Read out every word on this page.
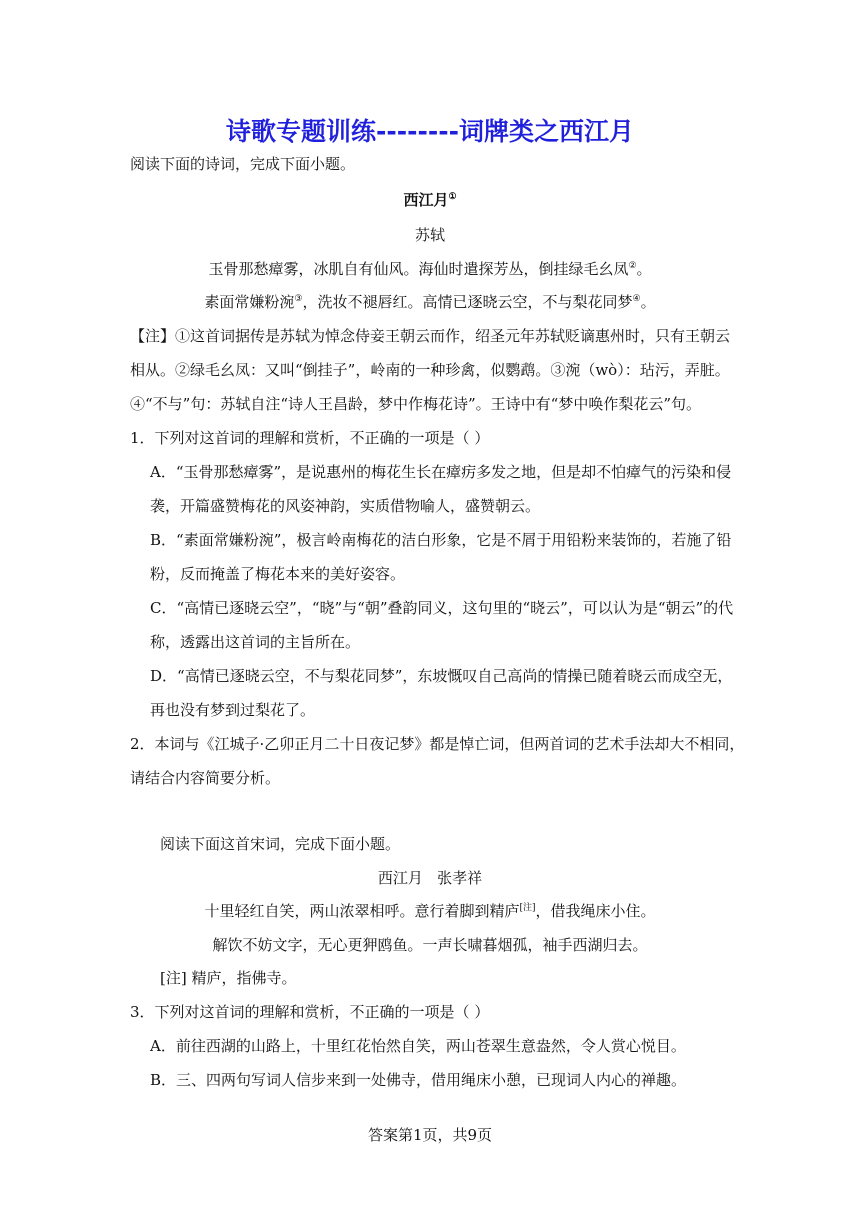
诗歌专题训练--------词牌类之西江月
阅读下面的诗词，完成下面小题。
西江月①
苏轼
玉骨那愁瘴雾，冰肌自有仙风。海仙时遣探芳丛，倒挂绿毛幺凤②。
素面常嫌粉涴③，洗妆不褪唇红。高情已逐晓云空，不与梨花同梦④。
【注】①这首词据传是苏轼为悼念侍妾王朝云而作，绍圣元年苏轼贬谪惠州时，只有王朝云
相从。②绿毛幺凤：又叫“倒挂子”，岭南的一种珍禽，似鹦鹉。③涴（wò）：玷污，弄脏。
④“不与”句：苏轼自注“诗人王昌龄，梦中作梅花诗”。王诗中有“梦中唤作梨花云”句。
1．下列对这首词的理解和赏析，不正确的一项是（ ）
A．“玉骨那愁瘴雾”，是说惠州的梅花生长在瘴疠多发之地，但是却不怕瘴气的污染和侵
袭，开篇盛赞梅花的风姿神韵，实质借物喻人，盛赞朝云。
B．“素面常嫌粉涴”，极言岭南梅花的洁白形象，它是不屑于用铅粉来装饰的，若施了铅
粉，反而掩盖了梅花本来的美好姿容。
C．“高情已逐晓云空”，“晓”与“朝”叠韵同义，这句里的“晓云”，可以认为是“朝云”的代
称，透露出这首词的主旨所在。
D．“高情已逐晓云空，不与梨花同梦”，东坡慨叹自己高尚的情操已随着晓云而成空无，
再也没有梦到过梨花了。
2．本词与《江城子·乙卯正月二十日夜记梦》都是悼亡词，但两首词的艺术手法却大不相同，
请结合内容简要分析。
阅读下面这首宋词，完成下面小题。
西江月   张孝祥
十里轻红自笑，两山浓翠相呼。意行着脚到精庐[注]，借我绳床小住。
解饮不妨文字，无心更狎鸥鱼。一声长啸暮烟孤，袖手西湖归去。
[注] 精庐，指佛寺。
3．下列对这首词的理解和赏析，不正确的一项是（ ）
A．前往西湖的山路上，十里红花怡然自笑，两山苍翠生意盎然，令人赏心悦目。
B．三、四两句写词人信步来到一处佛寺，借用绳床小憩，已现词人内心的禅趣。
答案第1页，共9页
